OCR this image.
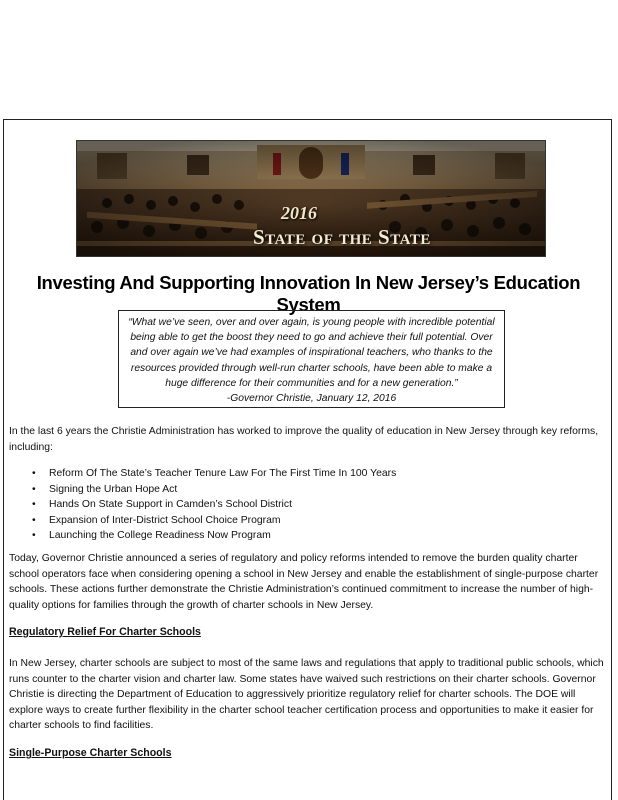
2016
State of the State
Investing And Supporting Innovation In New Jersey’s Education System
“What we’ve seen, over and over again, is young people with incredible potential being able to get the boost they need to go and achieve their full potential. Over and over again we’ve had examples of inspirational teachers, who thanks to the resources provided through well-run charter schools, have been able to make a huge difference for their communities and for a new generation.”
-Governor Christie, January 12, 2016

In the last 6 years the Christie Administration has worked to improve the quality of education in New Jersey through key reforms, including:

• Reform Of The State’s Teacher Tenure Law For The First Time In 100 Years
• Signing the Urban Hope Act
• Hands On State Support in Camden’s School District
• Expansion of Inter-District School Choice Program
• Launching the College Readiness Now Program

Today, Governor Christie announced a series of regulatory and policy reforms intended to remove the burden quality charter school operators face when considering opening a school in New Jersey and enable the establishment of single-purpose charter schools. These actions further demonstrate the Christie Administration’s continued commitment to increase the number of high-quality options for families through the growth of charter schools in New Jersey.

Regulatory Relief For Charter Schools

In New Jersey, charter schools are subject to most of the same laws and regulations that apply to traditional public schools, which runs counter to the charter vision and charter law. Some states have waived such restrictions on their charter schools. Governor Christie is directing the Department of Education to aggressively prioritize regulatory relief for charter schools. The DOE will explore ways to create further flexibility in the charter school teacher certification process and opportunities to make it easier for charter schools to find facilities.

Single-Purpose Charter Schools
